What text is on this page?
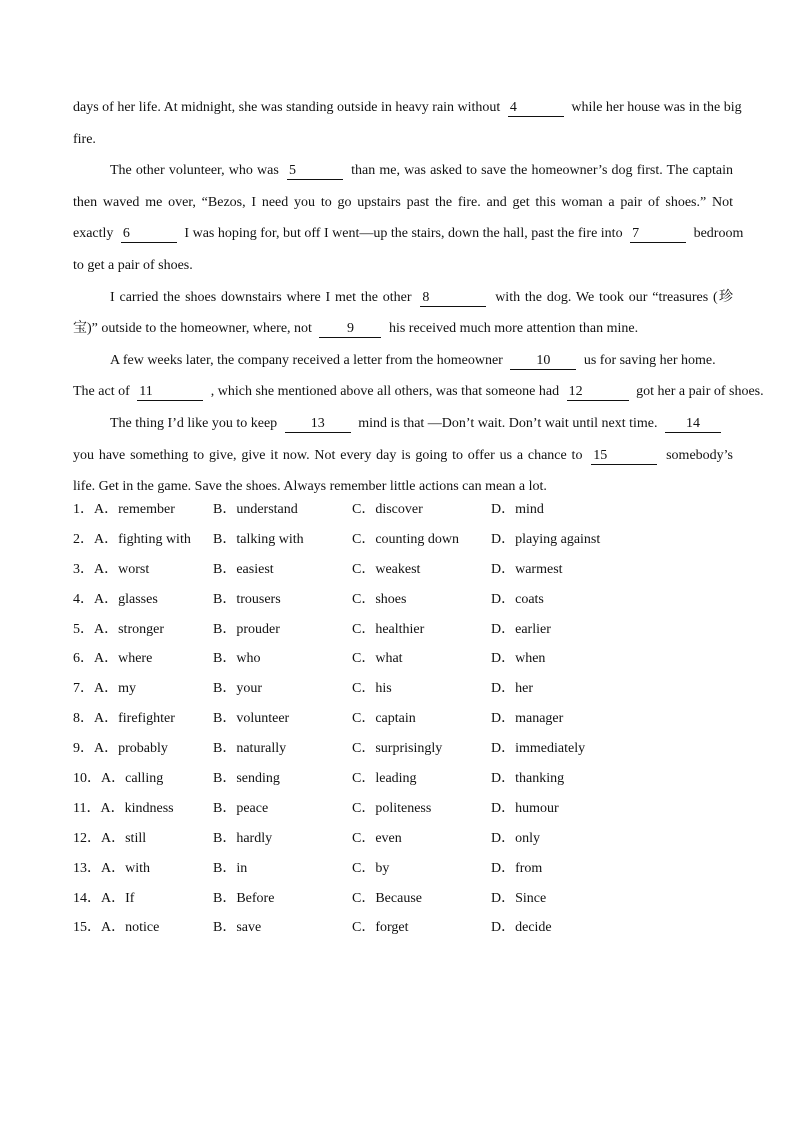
days of her life. At midnight, she was standing outside in heavy rain without 4	while her house was in the big
fire.
The other volunteer, who was 5	than me, was asked to save the homeowner’s dog first. The captain
then waved me over, “Bezos, I need you to go upstairs past the fire. and get this woman a pair of shoes.” Not
exactly 6	I was hoping for, but off I went—up the stairs, down the hall, past the fire into 7	bedroom
to get a pair of shoes.
I carried the shoes downstairs where I met the other 8	with the dog. We took our “treasures (珍
宝)” outside to the homeowner, where, not	9	his received much more attention than mine.
A few weeks later, the company received a letter from the homeowner 10 us for saving her home.
The act of 11	, which she mentioned above all others, was that someone had 12	got her a pair of shoes.
The thing I’d like you to keep 13 mind is that —Don’t wait. Don’t wait until next time. 14
you have something to give, give it now. Not every day is going to offer us a chance to 15	somebody’s
life. Get in the game. Save the shoes. Always remember little actions can mean a lot.
1．A．remember	B．understand	C．discover	D．mind
2．A．fighting with B．talking with	C．counting down D．playing against
3．A．worst	B．easiest	C．weakest	D．warmest
4．A．glasses	B．trousers	C．shoes	D．coats
5．A．stronger	B．prouder	C．healthier	D．earlier
6．A．where	B．who	C．what	D．when
7．A．my	B．your	C．his	D．her
8．A．firefighter	B．volunteer	C．captain	D．manager
9．A．probably	B．naturally	C．surprisingly	D．immediately
10．A．calling	B．sending	C．leading	D．thanking
11．A．kindness	B．peace	C．politeness	D．humour
12．A．still	B．hardly	C．even	D．only
13．A．with	B．in	C．by	D．from
14．A．If	B．Before	C．Because	D．Since
15．A．notice	B．save	C．forget	D．decide
